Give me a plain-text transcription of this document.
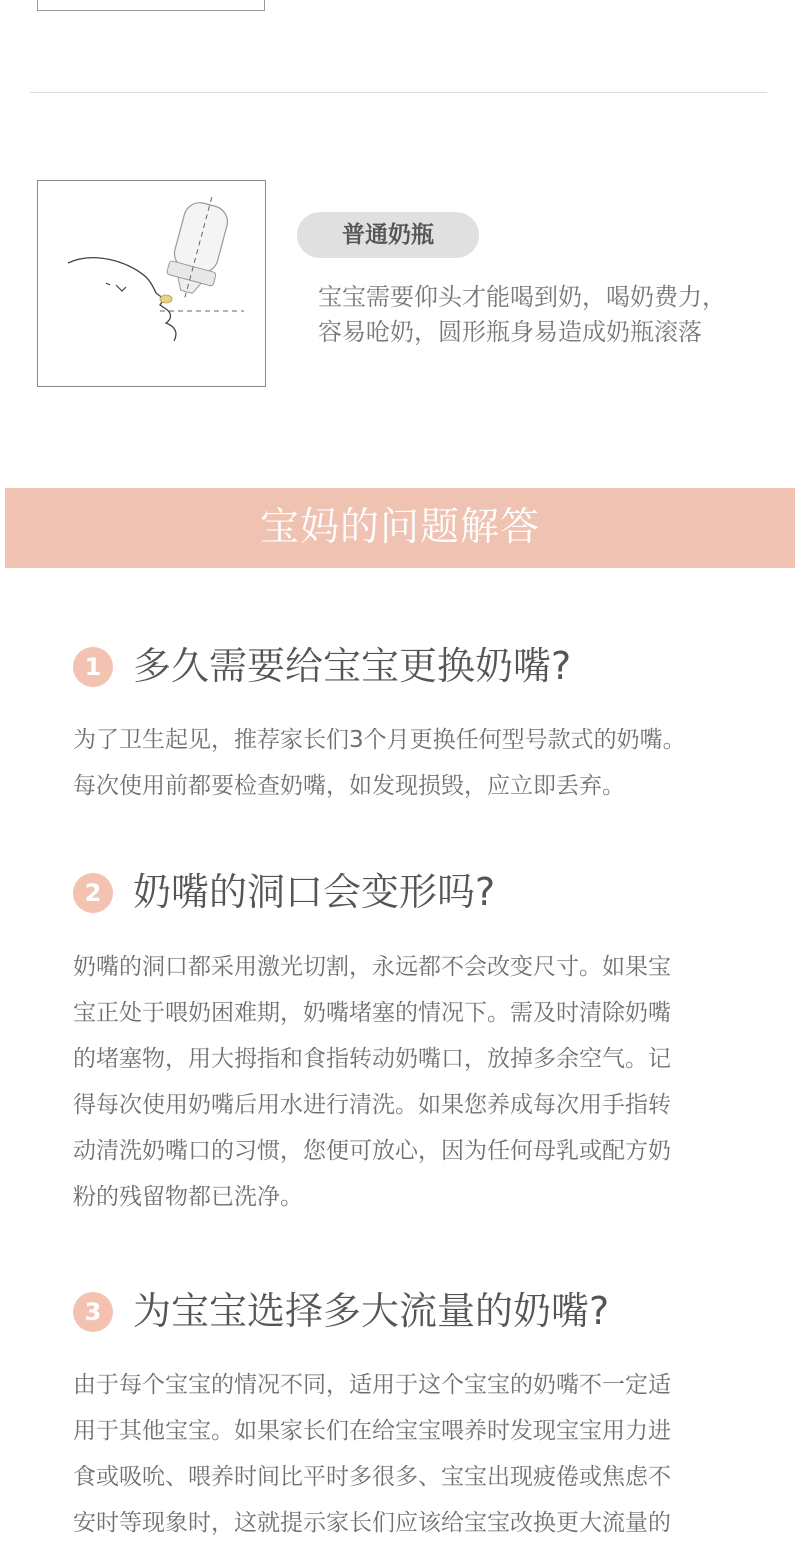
普通奶瓶
宝宝需要仰头才能喝到奶，喝奶费力，
容易呛奶，圆形瓶身易造成奶瓶滚落
宝妈的问题解答
1 多久需要给宝宝更换奶嘴?
为了卫生起见，推荐家长们3个月更换任何型号款式的奶嘴。
每次使用前都要检查奶嘴，如发现损毁，应立即丢弃。
2 奶嘴的洞口会变形吗?
奶嘴的洞口都采用激光切割，永远都不会改变尺寸。如果宝
宝正处于喂奶困难期，奶嘴堵塞的情况下。需及时清除奶嘴
的堵塞物，用大拇指和食指转动奶嘴口，放掉多余空气。记
得每次使用奶嘴后用水进行清洗。如果您养成每次用手指转
动清洗奶嘴口的习惯，您便可放心，因为任何母乳或配方奶
粉的残留物都已洗净。
3 为宝宝选择多大流量的奶嘴?
由于每个宝宝的情况不同，适用于这个宝宝的奶嘴不一定适
用于其他宝宝。如果家长们在给宝宝喂养时发现宝宝用力进
食或吸吮、喂养时间比平时多很多、宝宝出现疲倦或焦虑不
安时等现象时，这就提示家长们应该给宝宝改换更大流量的
